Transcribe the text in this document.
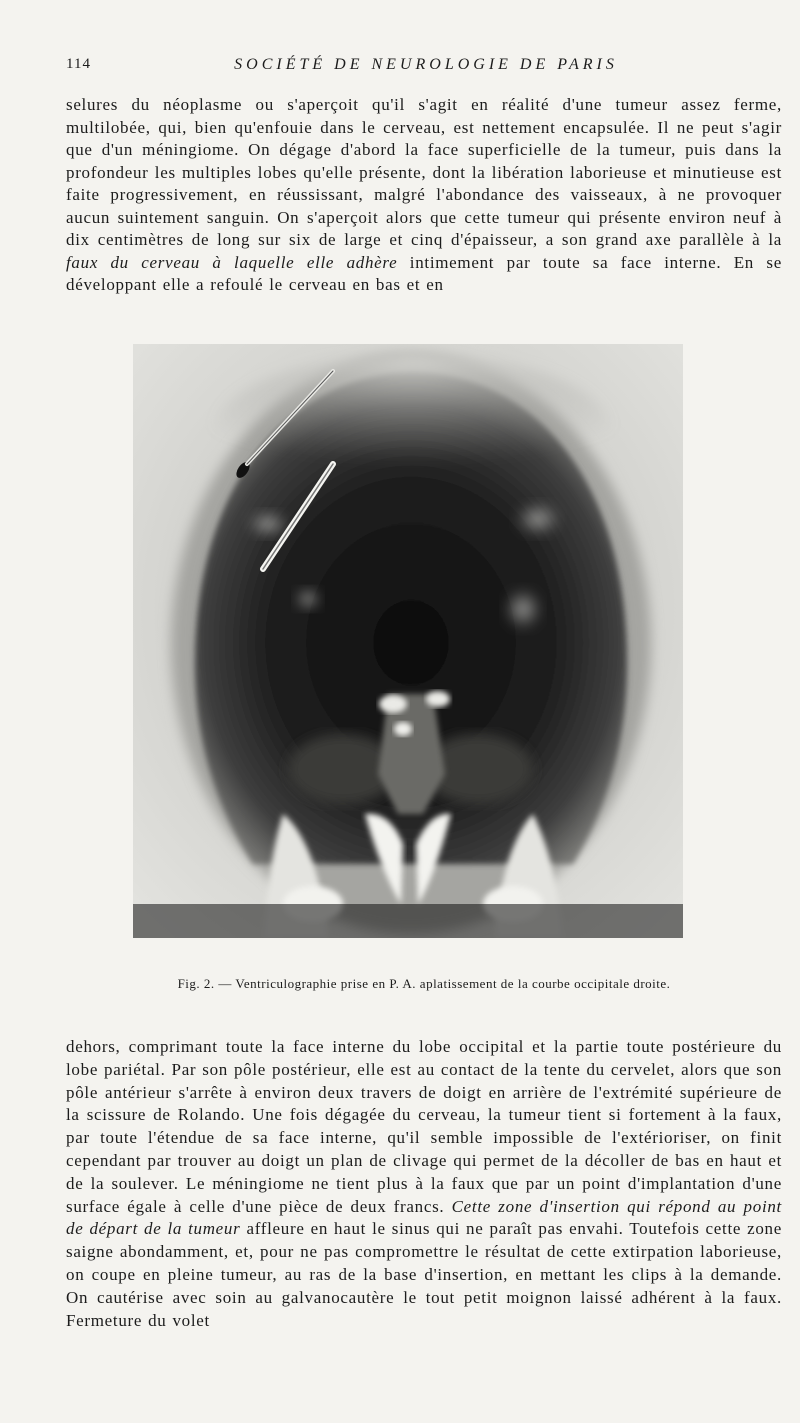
114	SOCIÉTÉ DE NEUROLOGIE DE PARIS

selures du néoplasme ou s'aperçoit qu'il s'agit en réalité d'une tumeur assez ferme, multilobée, qui, bien qu'enfouie dans le cerveau, est nettement encapsulée. Il ne peut s'agir que d'un méningiome. On dégage d'abord la face superficielle de la tumeur, puis dans la profondeur les multiples lobes qu'elle présente, dont la libération laborieuse et minutieuse est faite progressivement, en réussissant, malgré l'abondance des vaisseaux, à ne provoquer aucun suintement sanguin. On s'aperçoit alors que cette tumeur qui présente environ neuf à dix centimètres de long sur six de large et cinq d'épaisseur, a son grand axe parallèle à la faux du cerveau à laquelle elle adhère intimement par toute sa face interne. En se développant elle a refoulé le cerveau en bas et en

Fig. 2. — Ventriculographie prise en P. A. aplatissement de la courbe occipitale droite.

dehors, comprimant toute la face interne du lobe occipital et la partie toute postérieure du lobe pariétal. Par son pôle postérieur, elle est au contact de la tente du cervelet, alors que son pôle antérieur s'arrête à environ deux travers de doigt en arrière de l'extrémité supérieure de la scissure de Rolando. Une fois dégagée du cerveau, la tumeur tient si fortement à la faux, par toute l'étendue de sa face interne, qu'il semble impossible de l'extérioriser, on finit cependant par trouver au doigt un plan de clivage qui permet de la décoller de bas en haut et de la soulever. Le méningiome ne tient plus à la faux que par un point d'implantation d'une surface égale à celle d'une pièce de deux francs. Cette zone d'insertion qui répond au point de départ de la tumeur affleure en haut le sinus qui ne paraît pas envahi. Toutefois cette zone saigne abondamment, et, pour ne pas compromettre le résultat de cette extirpation laborieuse, on coupe en pleine tumeur, au ras de la base d'insertion, en mettant les clips à la demande. On cautérise avec soin au galvanocautère le tout petit moignon laissé adhérent à la faux. Fermeture du volet
